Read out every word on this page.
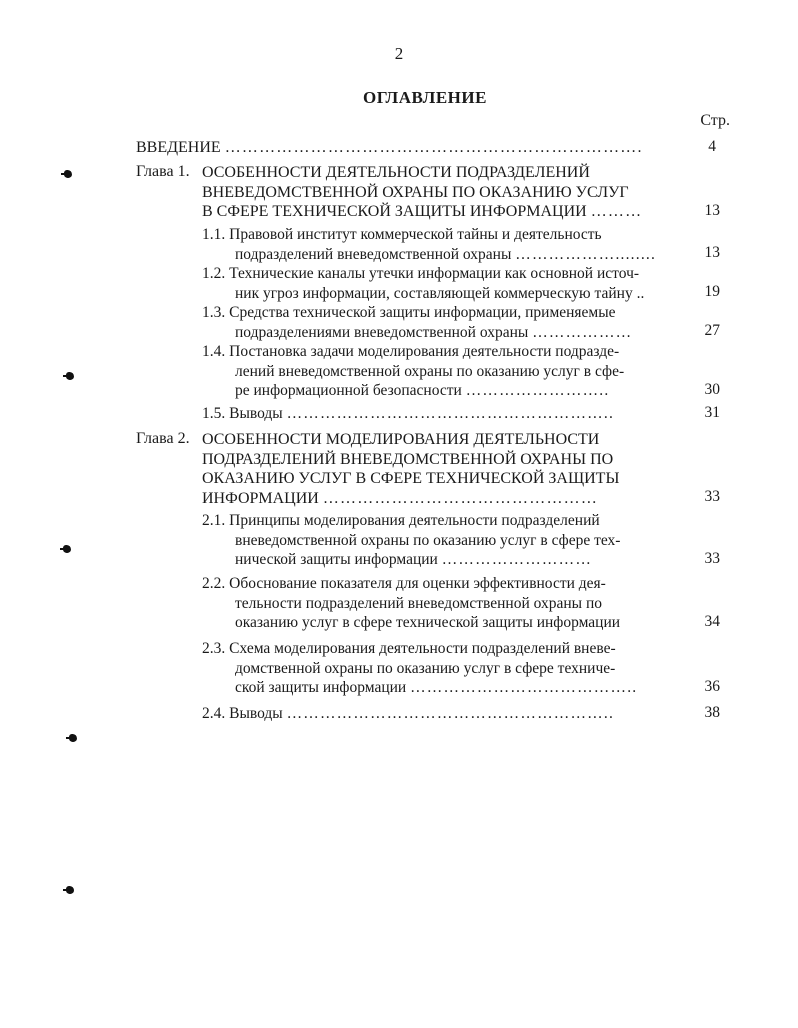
2
ОГЛАВЛЕНИЕ
Стр.
ВВЕДЕНИЕ ……………………………………………………………….	4
Глава 1. ОСОБЕННОСТИ ДЕЯТЕЛЬНОСТИ ПОДРАЗДЕЛЕНИЙ
ВНЕВЕДОМСТВЕННОЙ ОХРАНЫ ПО ОКАЗАНИЮ УСЛУГ
В СФЕРЕ ТЕХНИЧЕСКОЙ ЗАЩИТЫ ИНФОРМАЦИИ ………	13
1.1. Правовой институт коммерческой тайны и деятельность
подразделений вневедомственной охраны ………………........	13
1.2. Технические каналы утечки информации как основной источ-
ник угроз информации, составляющей коммерческую тайну ..	19
1.3. Средства технической защиты информации, применяемые
подразделениями вневедомственной охраны ………………	27
1.4. Постановка задачи моделирования деятельности подразде-
лений вневедомственной охраны по оказанию услуг в сфе-
ре информационной безопасности ……………………..	30
1.5. Выводы …………………………………………………..	31
Глава 2. ОСОБЕННОСТИ МОДЕЛИРОВАНИЯ ДЕЯТЕЛЬНОСТИ
ПОДРАЗДЕЛЕНИЙ ВНЕВЕДОМСТВЕННОЙ ОХРАНЫ ПО
ОКАЗАНИЮ УСЛУГ В СФЕРЕ ТЕХНИЧЕСКОЙ ЗАЩИТЫ
ИНФОРМАЦИИ …………………………………………	33
2.1. Принципы моделирования деятельности подразделений
вневедомственной охраны по оказанию услуг в сфере тех-
нической защиты информации ………………………	33
2.2. Обоснование показателя для оценки эффективности дея-
тельности подразделений вневедомственной охраны по
оказанию услуг в сфере технической защиты информации	34
2.3. Схема моделирования деятельности подразделений вневе-
домственной охраны по оказанию услуг в сфере техниче-
ской защиты информации …………………………………..	36
2.4. Выводы …………………………………………………..	38
